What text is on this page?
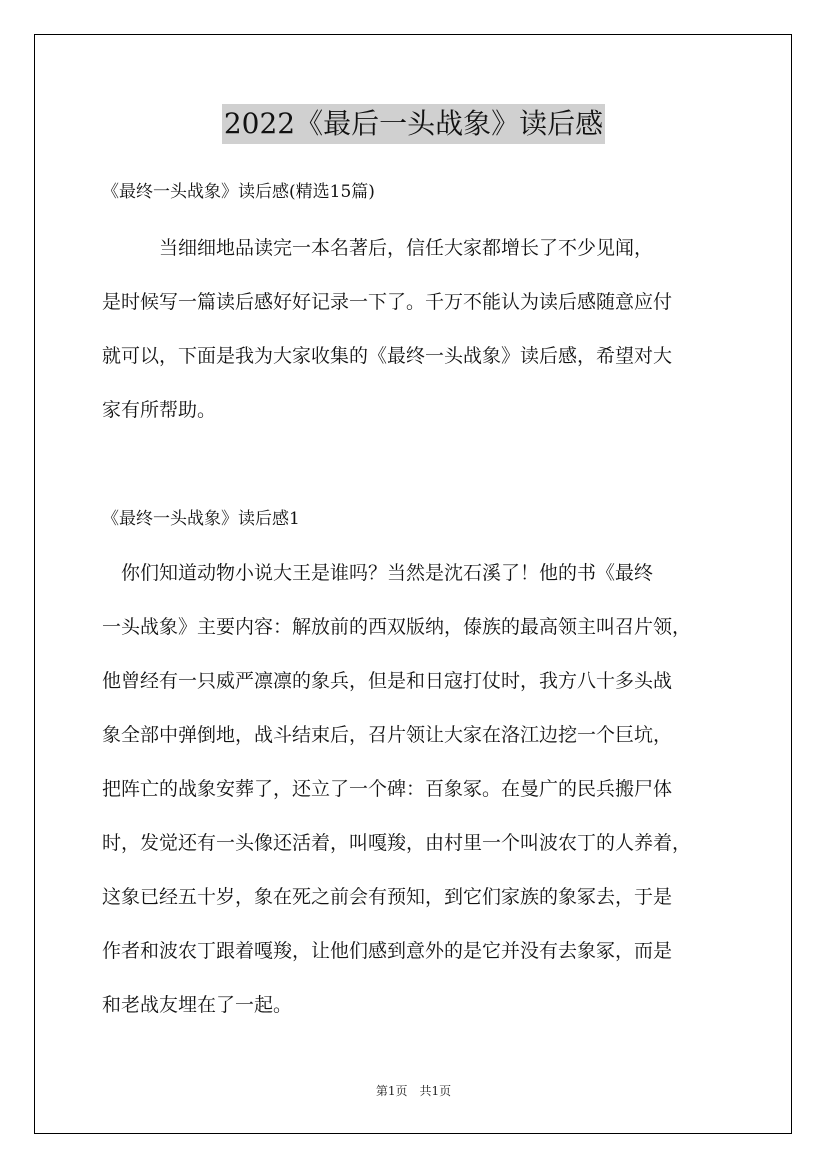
2022《最后一头战象》读后感
《最终一头战象》读后感(精选15篇)
　　　当细细地品读完一本名著后，信任大家都增长了不少见闻，
是时候写一篇读后感好好记录一下了。千万不能认为读后感随意应付
就可以，下面是我为大家收集的《最终一头战象》读后感，希望对大
家有所帮助。
《最终一头战象》读后感1
　你们知道动物小说大王是谁吗？当然是沈石溪了！他的书《最终
一头战象》主要内容：解放前的西双版纳，傣族的最高领主叫召片领，
他曾经有一只威严凛凛的象兵，但是和日寇打仗时，我方八十多头战
象全部中弹倒地，战斗结束后，召片领让大家在洛江边挖一个巨坑，
把阵亡的战象安葬了，还立了一个碑：百象冢。在曼广的民兵搬尸体
时，发觉还有一头像还活着，叫嘎羧，由村里一个叫波农丁的人养着，
这象已经五十岁，象在死之前会有预知，到它们家族的象冢去，于是
作者和波农丁跟着嘎羧，让他们感到意外的是它并没有去象冢，而是
和老战友埋在了一起。
第1页　共1页
